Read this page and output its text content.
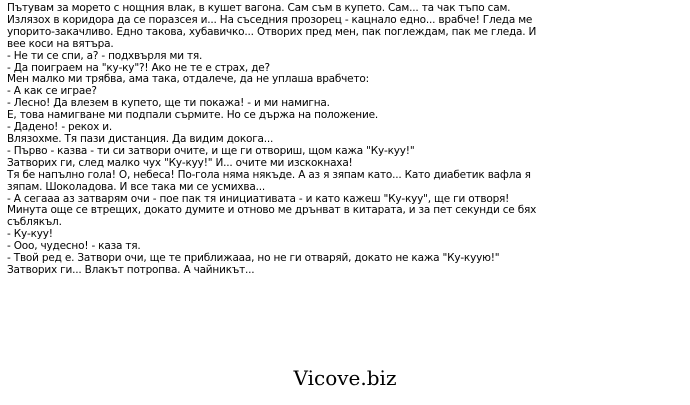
Пътувам за морето с нощния влак, в кушет вагона. Сам съм в купето. Сам... та чак тъпо сам.
Излязох в коридора да се поразсея и... На съседния прозорец - кацнало едно... врабче! Гледа ме
упорито-закачливо. Едно такова, хубавичко... Отворих пред мен, пак поглеждам, пак ме гледа. И
вее коси на вятъра.
- Не ти се спи, а? - подхвърля ми тя.
- Да поиграем на "ку-ку"?! Ако не те е страх, де?
Мен малко ми трябва, ама така, отдалече, да не уплаша врабчето:
- А как се играе?
- Лесно! Да влезем в купето, ще ти покажа! - и ми намигна.
Е, това намигване ми подпали сърмите. Но се държа на положение.
- Дадено! - рекох и.
Влязохме. Тя пази дистанция. Да видим докога...
- Първо - казва - ти си затвори очите, и ще ги отвориш, щом кажа "Ку-куу!"
Затворих ги, след малко чух "Ку-куу!" И... очите ми изскокнаха!
Тя бе напълно гола! О, небеса! По-гола няма някъде. А аз я зяпам като... Като диабетик вафла я
зяпам. Шоколадова. И все така ми се усмихва...
- А сегааа аз затварям очи - пое пак тя инициативата - и като кажеш "Ку-куу", ще ги отворя!
Минута още се втрещих, докато думите и отново ме дрънват в китарата, и за пет секунди се бях
съблякъл.
- Ку-куу!
- Ооо, чудесно! - каза тя.
- Твой ред е. Затвори очи, ще те приближааа, но не ги отваряй, докато не кажа "Ку-куую!"
Затворих ги... Влакът потропва. А чайникът...
Vicove.biz
